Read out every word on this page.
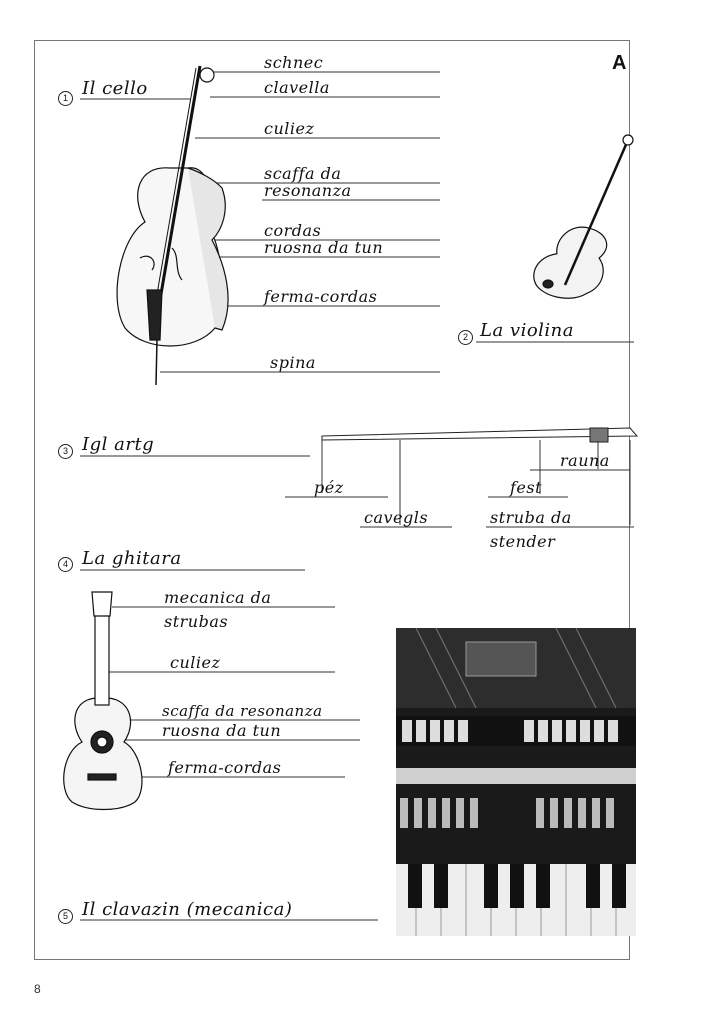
A
8
1
2
3
4
5
Il cello
La violina
Igl artg
La ghitara
Il clavazin (mecanica)
schnec
clavella
culiez
scaffa da
resonanza
cordas
ruosna da tun
ferma-cordas
spina
rauna
péz	fest
cavegls	struba da
stender
mecanica da
strubas
culiez
scaffa da resonanza
ruosna da tun
ferma-cordas
